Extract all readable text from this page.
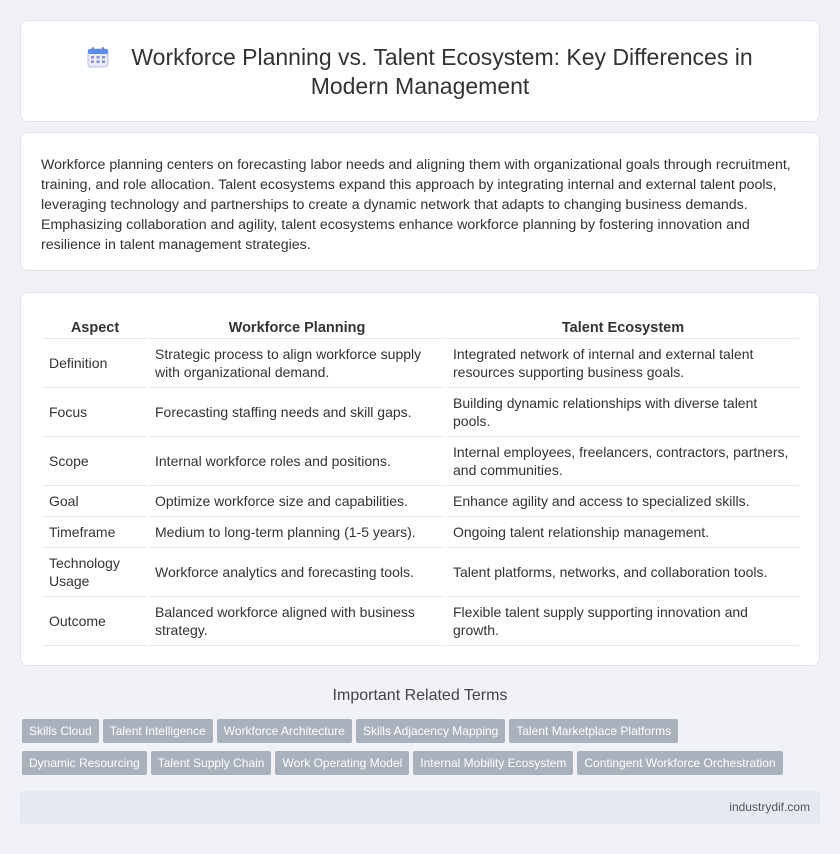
Workforce Planning vs. Talent Ecosystem: Key Differences in Modern Management

Workforce planning centers on forecasting labor needs and aligning them with organizational goals through recruitment, training, and role allocation. Talent ecosystems expand this approach by integrating internal and external talent pools, leveraging technology and partnerships to create a dynamic network that adapts to changing business demands. Emphasizing collaboration and agility, talent ecosystems enhance workforce planning by fostering innovation and resilience in talent management strategies.

Aspect	Workforce Planning	Talent Ecosystem
Definition	Strategic process to align workforce supply with organizational demand.	Integrated network of internal and external talent resources supporting business goals.
Focus	Forecasting staffing needs and skill gaps.	Building dynamic relationships with diverse talent pools.
Scope	Internal workforce roles and positions.	Internal employees, freelancers, contractors, partners, and communities.
Goal	Optimize workforce size and capabilities.	Enhance agility and access to specialized skills.
Timeframe	Medium to long-term planning (1-5 years).	Ongoing talent relationship management.
Technology Usage	Workforce analytics and forecasting tools.	Talent platforms, networks, and collaboration tools.
Outcome	Balanced workforce aligned with business strategy.	Flexible talent supply supporting innovation and growth.
Important Related Terms
Skills Cloud Talent Intelligence Workforce Architecture Skills Adjacency Mapping Talent Marketplace Platforms
Dynamic Resourcing Talent Supply Chain Work Operating Model Internal Mobility Ecosystem Contingent Workforce Orchestration
industrydif.com
